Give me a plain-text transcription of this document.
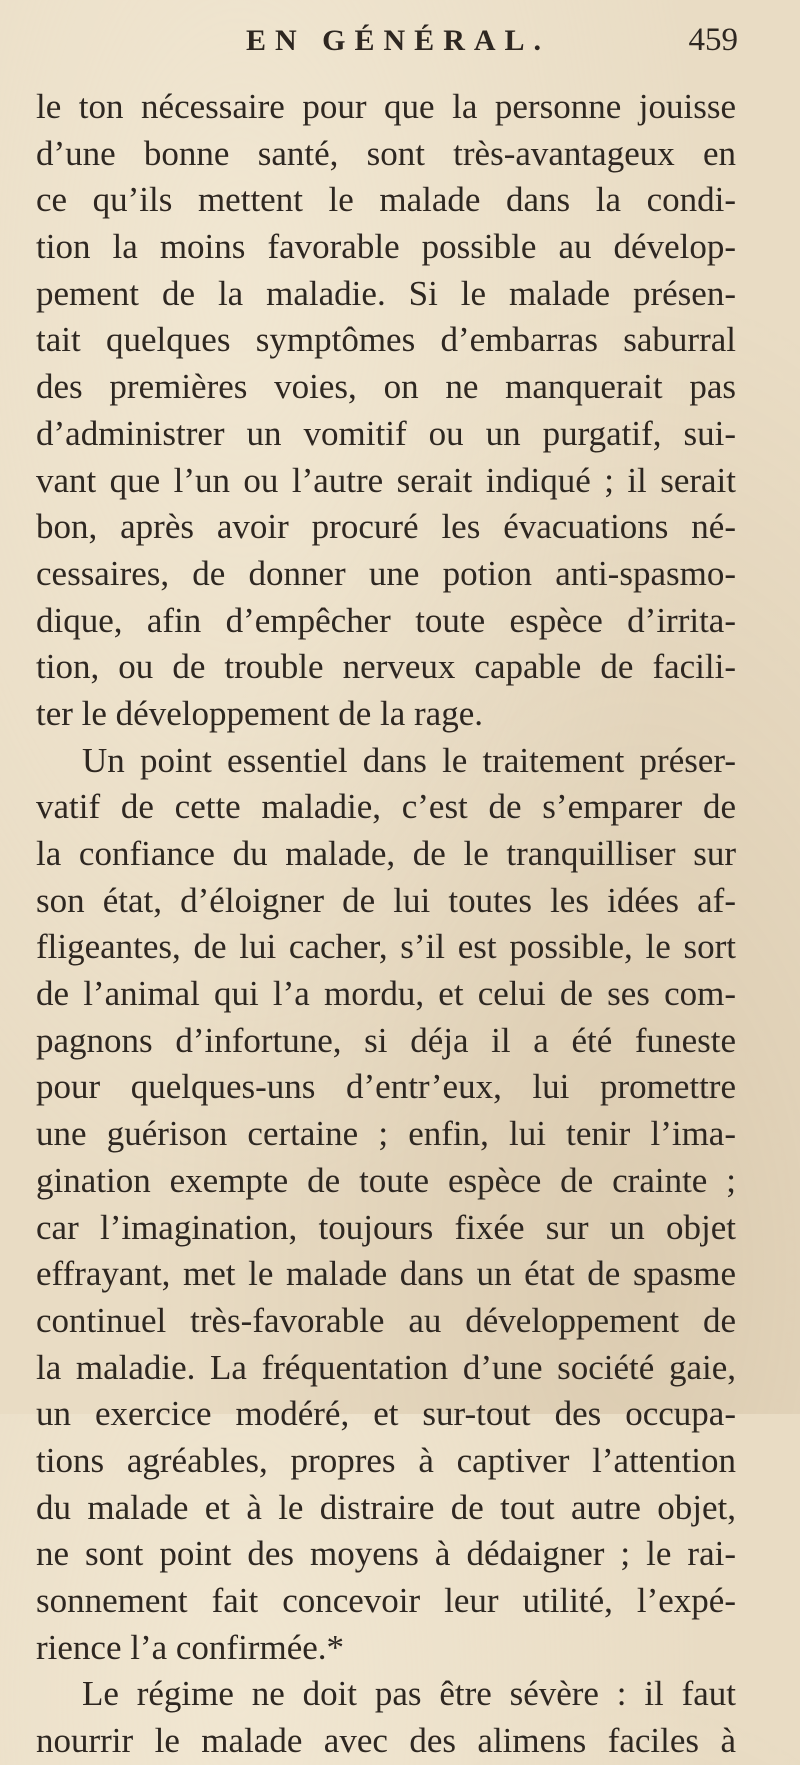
EN GÉNÉRAL.	459
le ton nécessaire pour que la personne jouisse
d’une bonne santé, sont très-avantageux en
ce qu’ils mettent le malade dans la condi-
tion la moins favorable possible au dévelop-
pement de la maladie. Si le malade présen-
tait quelques symptômes d’embarras saburral
des premières voies, on ne manquerait pas
d’administrer un vomitif ou un purgatif, sui-
vant que l’un ou l’autre serait indiqué ; il serait
bon, après avoir procuré les évacuations né-
cessaires, de donner une potion anti-spasmo-
dique, afin d’empêcher toute espèce d’irrita-
tion, ou de trouble nerveux capable de facili-
ter le développement de la rage.
Un point essentiel dans le traitement préser-
vatif de cette maladie, c’est de s’emparer de
la confiance du malade, de le tranquilliser sur
son état, d’éloigner de lui toutes les idées af-
fligeantes, de lui cacher, s’il est possible, le sort
de l’animal qui l’a mordu, et celui de ses com-
pagnons d’infortune, si déja il a été funeste
pour quelques-uns d’entr’eux, lui promettre
une guérison certaine ; enfin, lui tenir l’ima-
gination exempte de toute espèce de crainte ;
car l’imagination, toujours fixée sur un objet
effrayant, met le malade dans un état de spasme
continuel très-favorable au développement de
la maladie. La fréquentation d’une société gaie,
un exercice modéré, et sur-tout des occupa-
tions agréables, propres à captiver l’attention
du malade et à le distraire de tout autre objet,
ne sont point des moyens à dédaigner ; le rai-
sonnement fait concevoir leur utilité, l’expé-
rience l’a confirmée.*
Le régime ne doit pas être sévère : il faut
nourrir le malade avec des alimens faciles à
